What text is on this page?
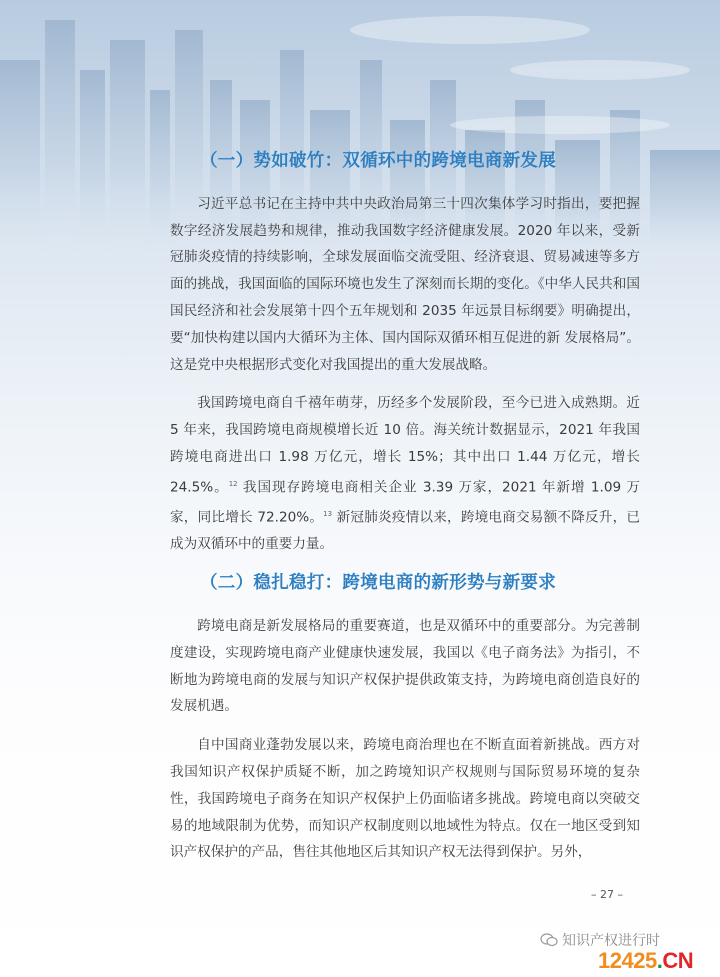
（一）势如破竹：双循环中的跨境电商新发展

习近平总书记在主持中共中央政治局第三十四次集体学习时指出，要把握数字经济发展趋势和规律，推动我国数字经济健康发展。2020 年以来，受新冠肺炎疫情的持续影响，全球发展面临交流受阻、经济衰退、贸易减速等多方面的挑战，我国面临的国际环境也发生了深刻而长期的变化。《中华人民共和国国民经济和社会发展第十四个五年规划和 2035 年远景目标纲要》明确提出，要“加快构建以国内大循环为主体、国内国际双循环相互促进的新 发展格局”。这是党中央根据形式变化对我国提出的重大发展战略。

我国跨境电商自千禧年萌芽，历经多个发展阶段，至今已进入成熟期。近 5 年来，我国跨境电商规模增长近 10 倍。海关统计数据显示，2021 年我国跨境电商进出口 1.98 万亿元，增长 15%；其中出口 1.44 万亿元，增长 24.5%。$^{12}$ 我国现存跨境电商相关企业 3.39 万家，2021 年新增 1.09 万家，同比增长 72.20%。$^{13}$ 新冠肺炎疫情以来，跨境电商交易额不降反升，已成为双循环中的重要力量。

（二）稳扎稳打：跨境电商的新形势与新要求

跨境电商是新发展格局的重要赛道，也是双循环中的重要部分。为完善制度建设，实现跨境电商产业健康快速发展，我国以《电子商务法》为指引，不断地为跨境电商的发展与知识产权保护提供政策支持，为跨境电商创造良好的发展机遇。

自中国商业蓬勃发展以来，跨境电商治理也在不断直面着新挑战。西方对我国知识产权保护质疑不断，加之跨境知识产权规则与国际贸易环境的复杂性，我国跨境电子商务在知识产权保护上仍面临诸多挑战。跨境电商以突破交易的地域限制为优势，而知识产权制度则以地域性为特点。仅在一地区受到知识产权保护的产品，售往其他地区后其知识产权无法得到保护。另外，

– 27 –
知识产权进行时
12425.CN
